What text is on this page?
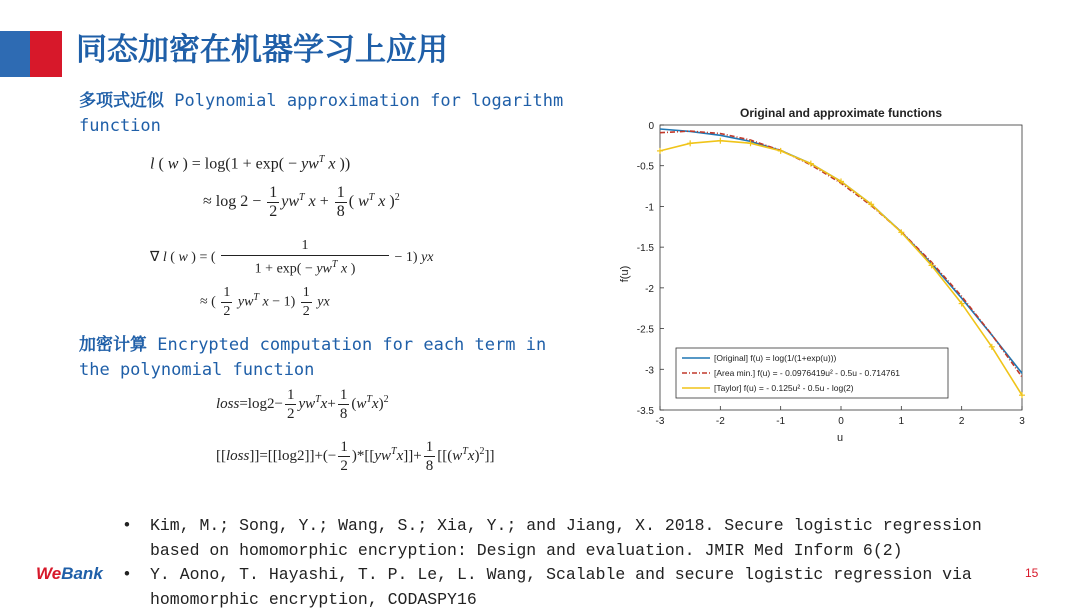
同态加密在机器学习上应用
多项式近似 Polynomial approximation for logarithm
function
l ( w ) = $\log(1 + \exp( - yw^T$ x ))
≈ $\log 2 - \frac{1}{2} yw^T$ $x + \frac{1}{8}$ ( $w^T$ x )$^2$
∇ l ( w ) = ( $\frac{1}{1 + \exp( - yw^T x )} - 1$) yx
≈ ( $\frac{1}{2} yw^T$ $x - 1) \frac{1}{2}$ yx
加密计算 Encrypted computation for each term in
the polynomial function
loss=log2− $\frac{1}{2} yw^Tx+ \frac{1}{8} (w^Tx)^2$
[[loss]]=[[log2]]+(− $\frac{1}{2} )*[[yw^Tx]]+ \frac{1}{8} [[(w^Tx)^2]]$
Original and approximate functions
f(u)
u
-3	-2	-1	0	1	2	3
0
-0.5
-1
-1.5
-2
-2.5
-3
-3.5
[Original] f(u) = log(1/(1+exp(u)))
[Area min.] f(u) = - 0.0976419u² - 0.5u - 0.714761
[Taylor] f(u) = - 0.125u² - 0.5u - log(2)
•	Kim, M.; Song, Y.; Wang, S.; Xia, Y.; and Jiang, X. 2018. Secure logistic regression
based on homomorphic encryption: Design and evaluation. JMIR Med Inform 6(2)
•	Y. Aono, T. Hayashi, T. P. Le, L. Wang, Scalable and secure logistic regression via
homomorphic encryption, CODASPY16
WeBank	15
